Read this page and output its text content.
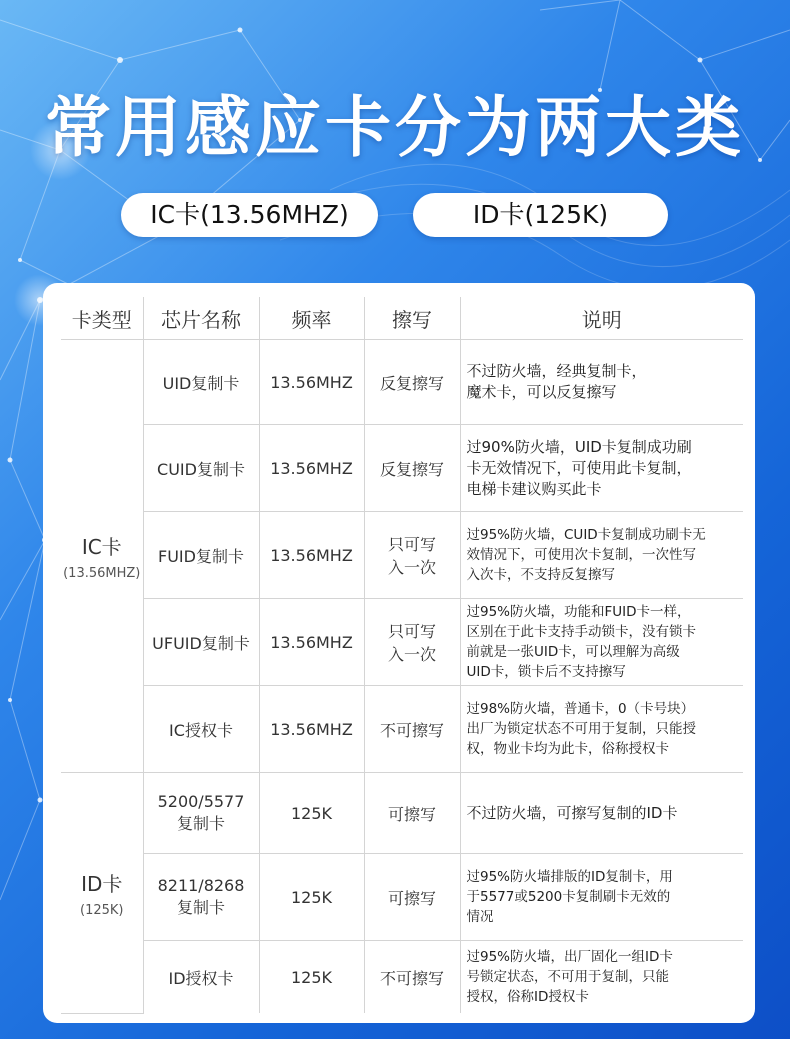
常用感应卡分为两大类
IC卡(13.56MHZ)	ID卡(125K)
卡类型	芯片名称	频率	擦写	说明

IC卡
(13.56MHZ)	UID复制卡	13.56MHZ	反复擦写	不过防火墙，经典复制卡，
魔术卡，可以反复擦写
	CUID复制卡	13.56MHZ	反复擦写	过90%防火墙，UID卡复制成功刷
卡无效情况下，可使用此卡复制，
电梯卡建议购买此卡
	FUID复制卡	13.56MHZ	只可写
入一次	过95%防火墙，CUID卡复制成功刷卡无
效情况下，可使用次卡复制，一次性写
入次卡，不支持反复擦写
	UFUID复制卡	13.56MHZ	只可写
入一次	过95%防火墙，功能和FUID卡一样，
区别在于此卡支持手动锁卡，没有锁卡
前就是一张UID卡，可以理解为高级
UID卡，锁卡后不支持擦写
	IC授权卡	13.56MHZ	不可擦写	过98%防火墙，普通卡，0（卡号块）
出厂为锁定状态不可用于复制，只能授
权，物业卡均为此卡，俗称授权卡

ID卡
(125K)	5200/5577
复制卡	125K	可擦写	不过防火墙，可擦写复制的ID卡
	8211/8268
复制卡	125K	可擦写	过95%防火墙排版的ID复制卡，用
于5577或5200卡复制刷卡无效的
情况
	ID授权卡	125K	不可擦写	过95%防火墙，出厂固化一组ID卡
号锁定状态，不可用于复制，只能
授权，俗称ID授权卡
